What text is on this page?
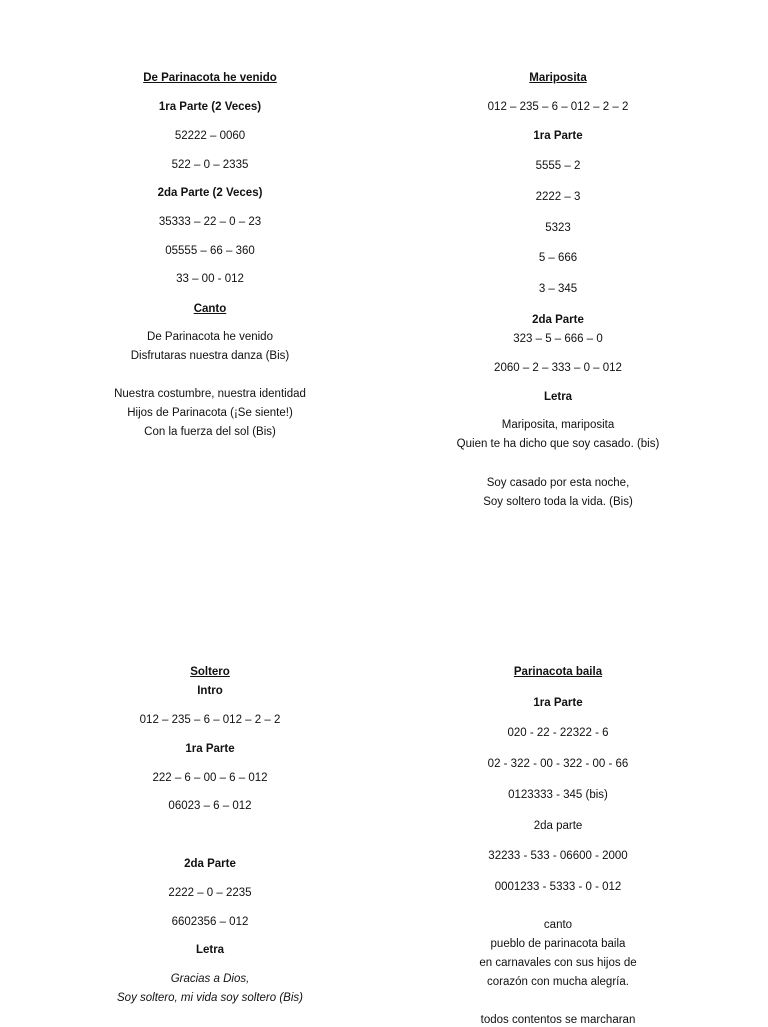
De Parinacota he venido
1ra Parte (2 Veces)
52222 – 0060
522 – 0 – 2335
2da Parte (2 Veces)
35333 – 22 – 0 – 23
05555 – 66 – 360
33 – 00 - 012
Canto
De Parinacota he venido
Disfrutaras nuestra danza (Bis)
Nuestra costumbre, nuestra identidad
Hijos de Parinacota (¡Se siente!)
Con la fuerza del sol (Bis)
Mariposita
012 – 235 – 6 – 012 – 2 – 2
1ra Parte
5555 – 2
2222 – 3
5323
5 – 666
3 – 345
2da Parte
323 – 5 – 666 – 0
2060 – 2 – 333 – 0 – 012
Letra
Mariposita, mariposita
Quien te ha dicho que soy casado. (bis)
Soy casado por esta noche,
Soy soltero toda la vida. (Bis)
Soltero
Intro
012 – 235 – 6 – 012 – 2 – 2
1ra Parte
222 – 6 – 00 – 6 – 012
06023 – 6 – 012
2da Parte
2222 – 0 – 2235
6602356 – 012
Letra
Gracias a Dios,
Soy soltero, mi vida soy soltero (Bis)
Parinacota baila
1ra Parte
020 - 22 - 22322 - 6
02 - 322 - 00 - 322 - 00 - 66
0123333 - 345 (bis)
2da parte
32233 - 533 - 06600 - 2000
0001233 - 5333 - 0 - 012
canto
pueblo de parinacota baila
en carnavales con sus hijos de
corazón con mucha alegría.
todos contentos se marcharan
